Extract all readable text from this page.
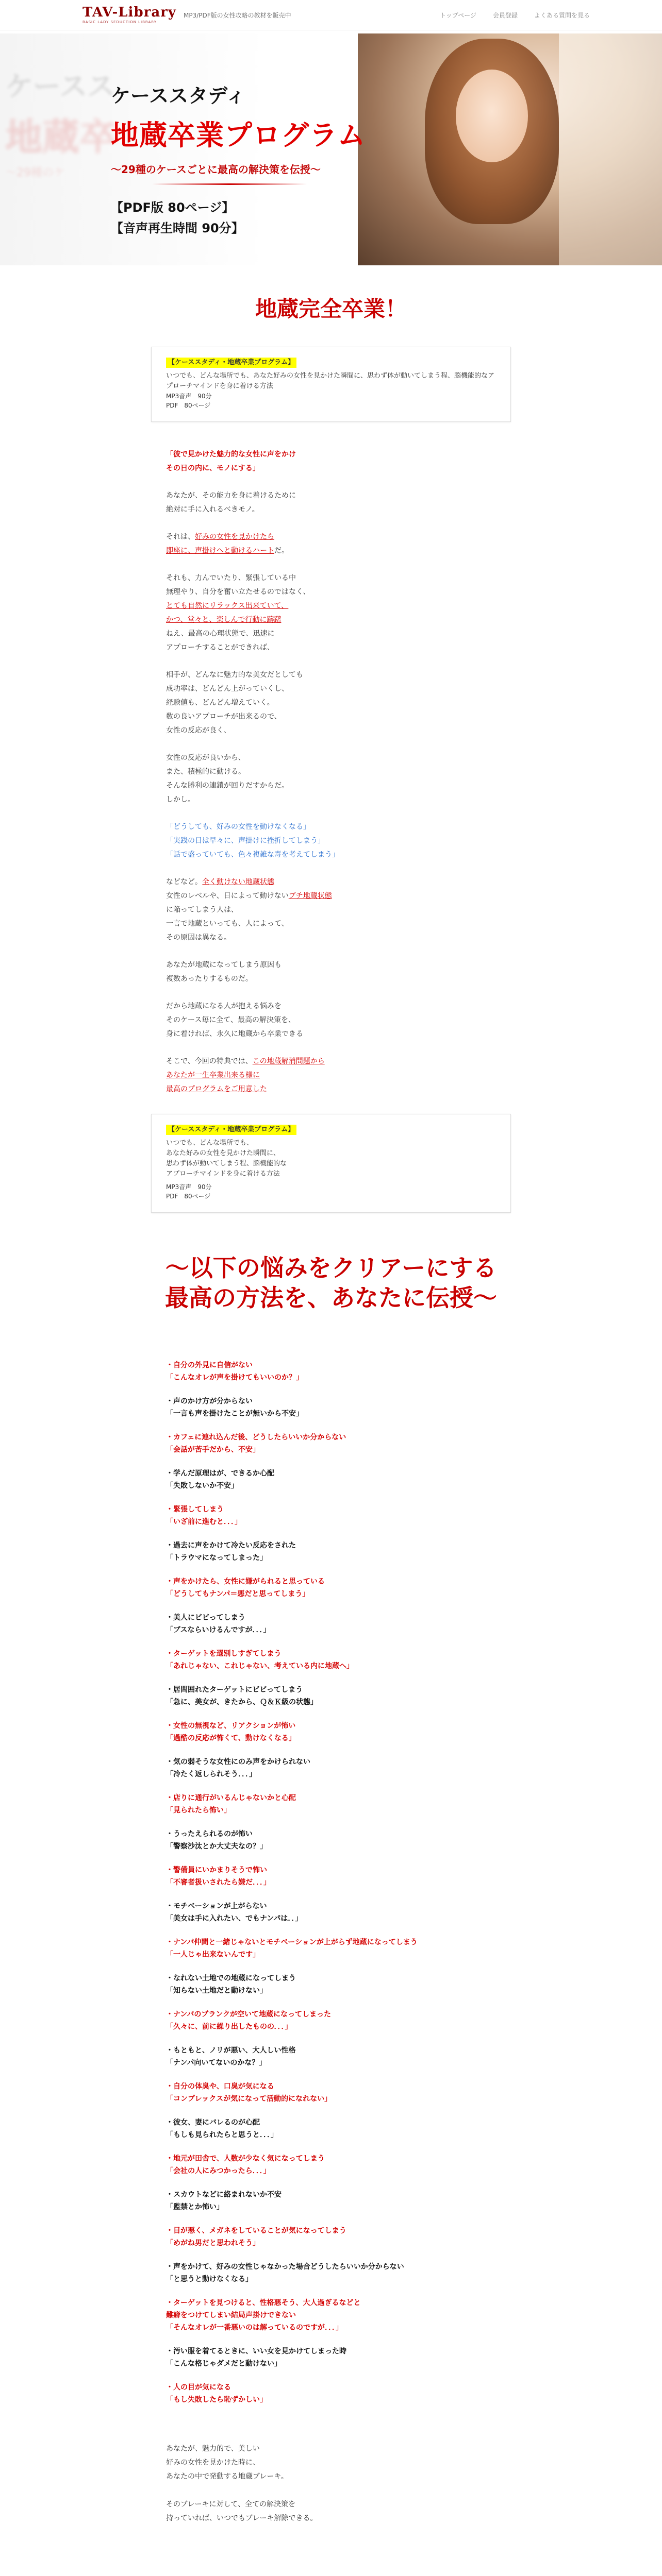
TAV-Library
BASIC LADY SEDUCTION LIBRARY
MP3/PDF版の女性攻略の教材を販売中	トップページ	会員登録	よくある質問を見る
ケースス
地蔵卒
〜29種のケ
ケーススタディ
地蔵卒業プログラム
〜29種のケースごとに最高の解決策を伝授〜
【PDF版 80ページ】
【音声再生時間 90分】
地蔵完全卒業！
【ケーススタディ・地蔵卒業プログラム】
いつでも、どんな場所でも、あなた好みの女性を見かけた瞬間に、思わず体が動いてしまう程、脳機能的なアプローチマインドを身に着ける方法
MP3音声　90分
PDF　80ページ

「彼で見かけた魅力的な女性に声をかけ
その日の内に、モノにする」

あなたが、その能力を身に着けるために
絶対に手に入れるべきモノ。

それは、好みの女性を見かけたら
即座に、声掛けへと動けるハートだ。

それも、力んでいたり、緊張している中
無理やり、自分を奮い立たせるのではなく、
とても自然にリラックス出来ていて、
かつ、堂々と、楽しんで行動に躊躇
ねえ、最高の心理状態で、迅速に
アプローチすることができれば、

相手が、どんなに魅力的な美女だとしても
成功率は、どんどん上がっていくし、
経験値も、どんどん増えていく。
数の良いアプローチが出来るので、
女性の反応が良く、

女性の反応が良いから、
また、積極的に動ける。
そんな勝利の連鎖が回りだすからだ。
しかし。

「どうしても、好みの女性を動けなくなる」
「実践の日は早々に、声掛けに挫折してしまう」
「話で盛っていても、色々複雑な毒を考えてしまう」

などなど。全く動けない地蔵状態
女性のレベルや、日によって動けないブチ地蔵状態
に陥ってしまう人は、
一言で地蔵といっても、人によって、
その原因は異なる。

あなたが地蔵になってしまう原因も
複数あったりするものだ。

だから地蔵になる人が抱える悩みを
そのケース毎に全て、最高の解決策を、
身に着ければ、永久に地蔵から卒業できる

そこで、今回の特典では、この地蔵解消問題から
あなたが一生卒業出来る様に
最高のプログラムをご用意した

【ケーススタディ・地蔵卒業プログラム】
いつでも、どんな場所でも、
あなた好みの女性を見かけた瞬間に、
思わず体が動いてしまう程、脳機能的な
アプローチマインドを身に着ける方法
MP3音声　90分
PDF　80ページ
〜以下の悩みをクリアーにする
最高の方法を、あなたに伝授〜
・自分の外見に自信がない
「こんなオレが声を掛けてもいいのか？」
・声のかけ方が分からない
「一言も声を掛けたことが無いから不安」
・カフェに連れ込んだ後、どうしたらいいか分からない
「会話が苦手だから、不安」
・学んだ原理はが、できるか心配
「失敗しないか不安」
・緊張してしまう
「いざ前に進むと．．．」
・過去に声をかけて冷たい反応をされた
「トラウマになってしまった」
・声をかけたら、女性に嫌がられると思っている
「どうしてもナンパ＝悪だと思ってしまう」
・美人にビビってしまう
「ブスならいけるんですが．．．」
・ターゲットを選別しすぎてしまう
「あれじゃない、これじゃない、考えている内に地蔵へ」
・居問囲れたターゲットにビビってしまう
「急に、美女が、きたから、Ｑ＆Ｋ級の状態」
・女性の無視など、リアクションが怖い
「過酷の反応が怖くて、動けなくなる」
・気の弱そうな女性にのみ声をかけられない
「冷たく返しられそう．．．」
・店りに通行がいるんじゃないかと心配
「見られたら怖い」
・うったえられるのが怖い
「警察沙汰とか大丈夫なの？」
・警備員にいかまりそうで怖い
「不審者扱いされたら嫌だ．．．」
・モチベーションが上がらない
「美女は手に入れたい、でもナンパは．．」
・ナンパ仲間と一緒じゃないとモチベーションが上がらず地蔵になってしまう
「一人じゃ出来ないんです」
・なれない土地での地蔵になってしまう
「知らない土地だと動けない」
・ナンパのブランクが空いて地蔵になってしまった
「久々に、前に繰り出したものの．．．」
・もともと、ノリが悪い、大人しい性格
「ナンパ向いてないのかな？」
・自分の体臭や、口臭が気になる
「コンプレックスが気になって活動的になれない」
・彼女、妻にバレるのが心配
「もしも見られたらと思うと．．．」
・地元が田舎で、人数が少なく気になってしまう
「会社の人にみつかったら．．．」
・スカウトなどに絡まれないか不安
「監禁とか怖い」
・目が悪く、メガネをしていることが気になってしまう
「めがね男だと思われそう」
・声をかけて、好みの女性じゃなかった場合どうしたらいいか分からない
「と思うと動けなくなる」
・ターゲットを見つけると、性格悪そう、大人過ぎるなどと
難癖をつけてしまい結局声掛けできない
「そんなオレが一番悪いのは解っているのですが．．．」
・汚い服を着てるときに、いい女を見かけてしまった時
「こんな格じゃダメだと動けない」
・人の目が気になる
「もし失敗したら恥ずかしい」
あなたが、魅力的で、美しい
好みの女性を見かけた時に、
あなたの中で発動する地蔵ブレーキ。

そのブレーキに対して、全ての解決策を
持っていれば、いつでもブレーキ解除できる。
